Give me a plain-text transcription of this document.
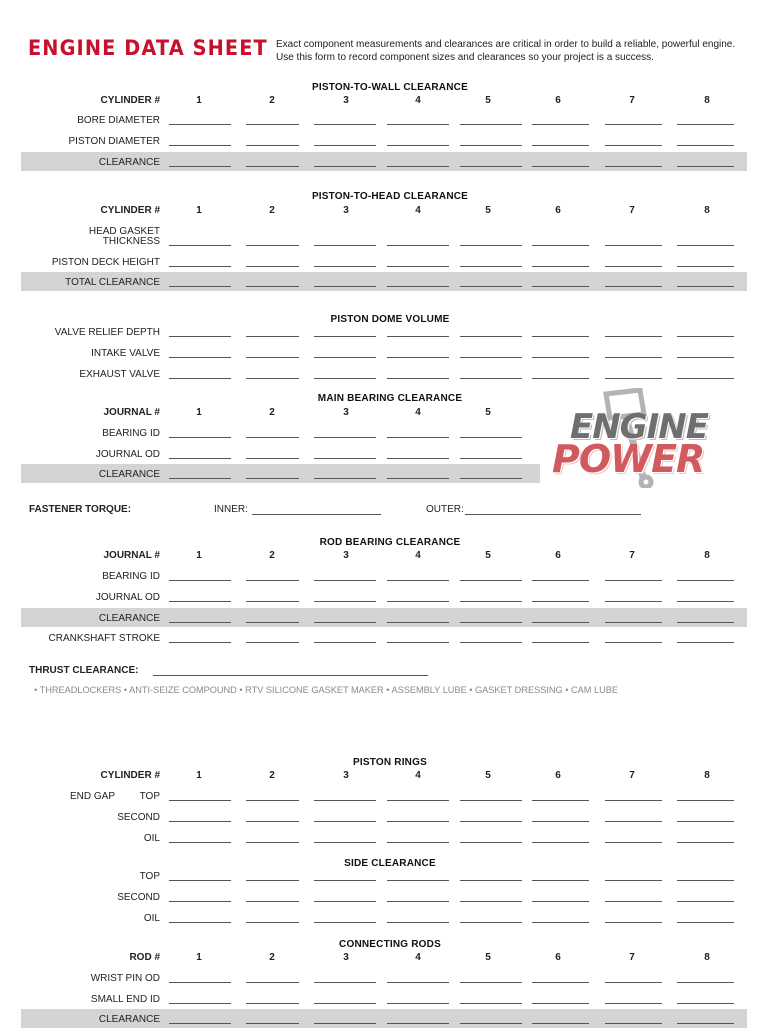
ENGINE DATA SHEET Exact component measurements and clearances are critical in order to build a reliable, powerful engine. Use this form to record component sizes and clearances so your project is a success.
ENGINE
POWER
PISTON-TO-WALL CLEARANCE
CYLINDER #	1	2	3	4	5	6	7	8
BORE DIAMETER
PISTON DIAMETER
CLEARANCE
PISTON-TO-HEAD CLEARANCE
CYLINDER #	1	2	3	4	5	6	7	8
HEAD GASKET
THICKNESS
PISTON DECK HEIGHT
TOTAL CLEARANCE
PISTON DOME VOLUME
VALVE RELIEF DEPTH
INTAKE VALVE
EXHAUST VALVE
MAIN BEARING CLEARANCE
JOURNAL #	1	2	3	4	5
BEARING ID
JOURNAL OD
CLEARANCE
FASTENER TORQUE:	INNER:	OUTER:
ROD BEARING CLEARANCE
JOURNAL #	1	2	3	4	5	6	7	8
BEARING ID
JOURNAL OD
CLEARANCE
CRANKSHAFT STROKE
THRUST CLEARANCE:
• THREADLOCKERS • ANTI-SEIZE COMPOUND • RTV SILICONE GASKET MAKER • ASSEMBLY LUBE • GASKET DRESSING • CAM LUBE
PISTON RINGS
CYLINDER #	1	2	3	4	5	6	7	8
END GAP TOP
SECOND
OIL
SIDE CLEARANCE
TOP
SECOND
OIL
CONNECTING RODS
ROD #	1	2	3	4	5	6	7	8
WRIST PIN OD
SMALL END ID
CLEARANCE
